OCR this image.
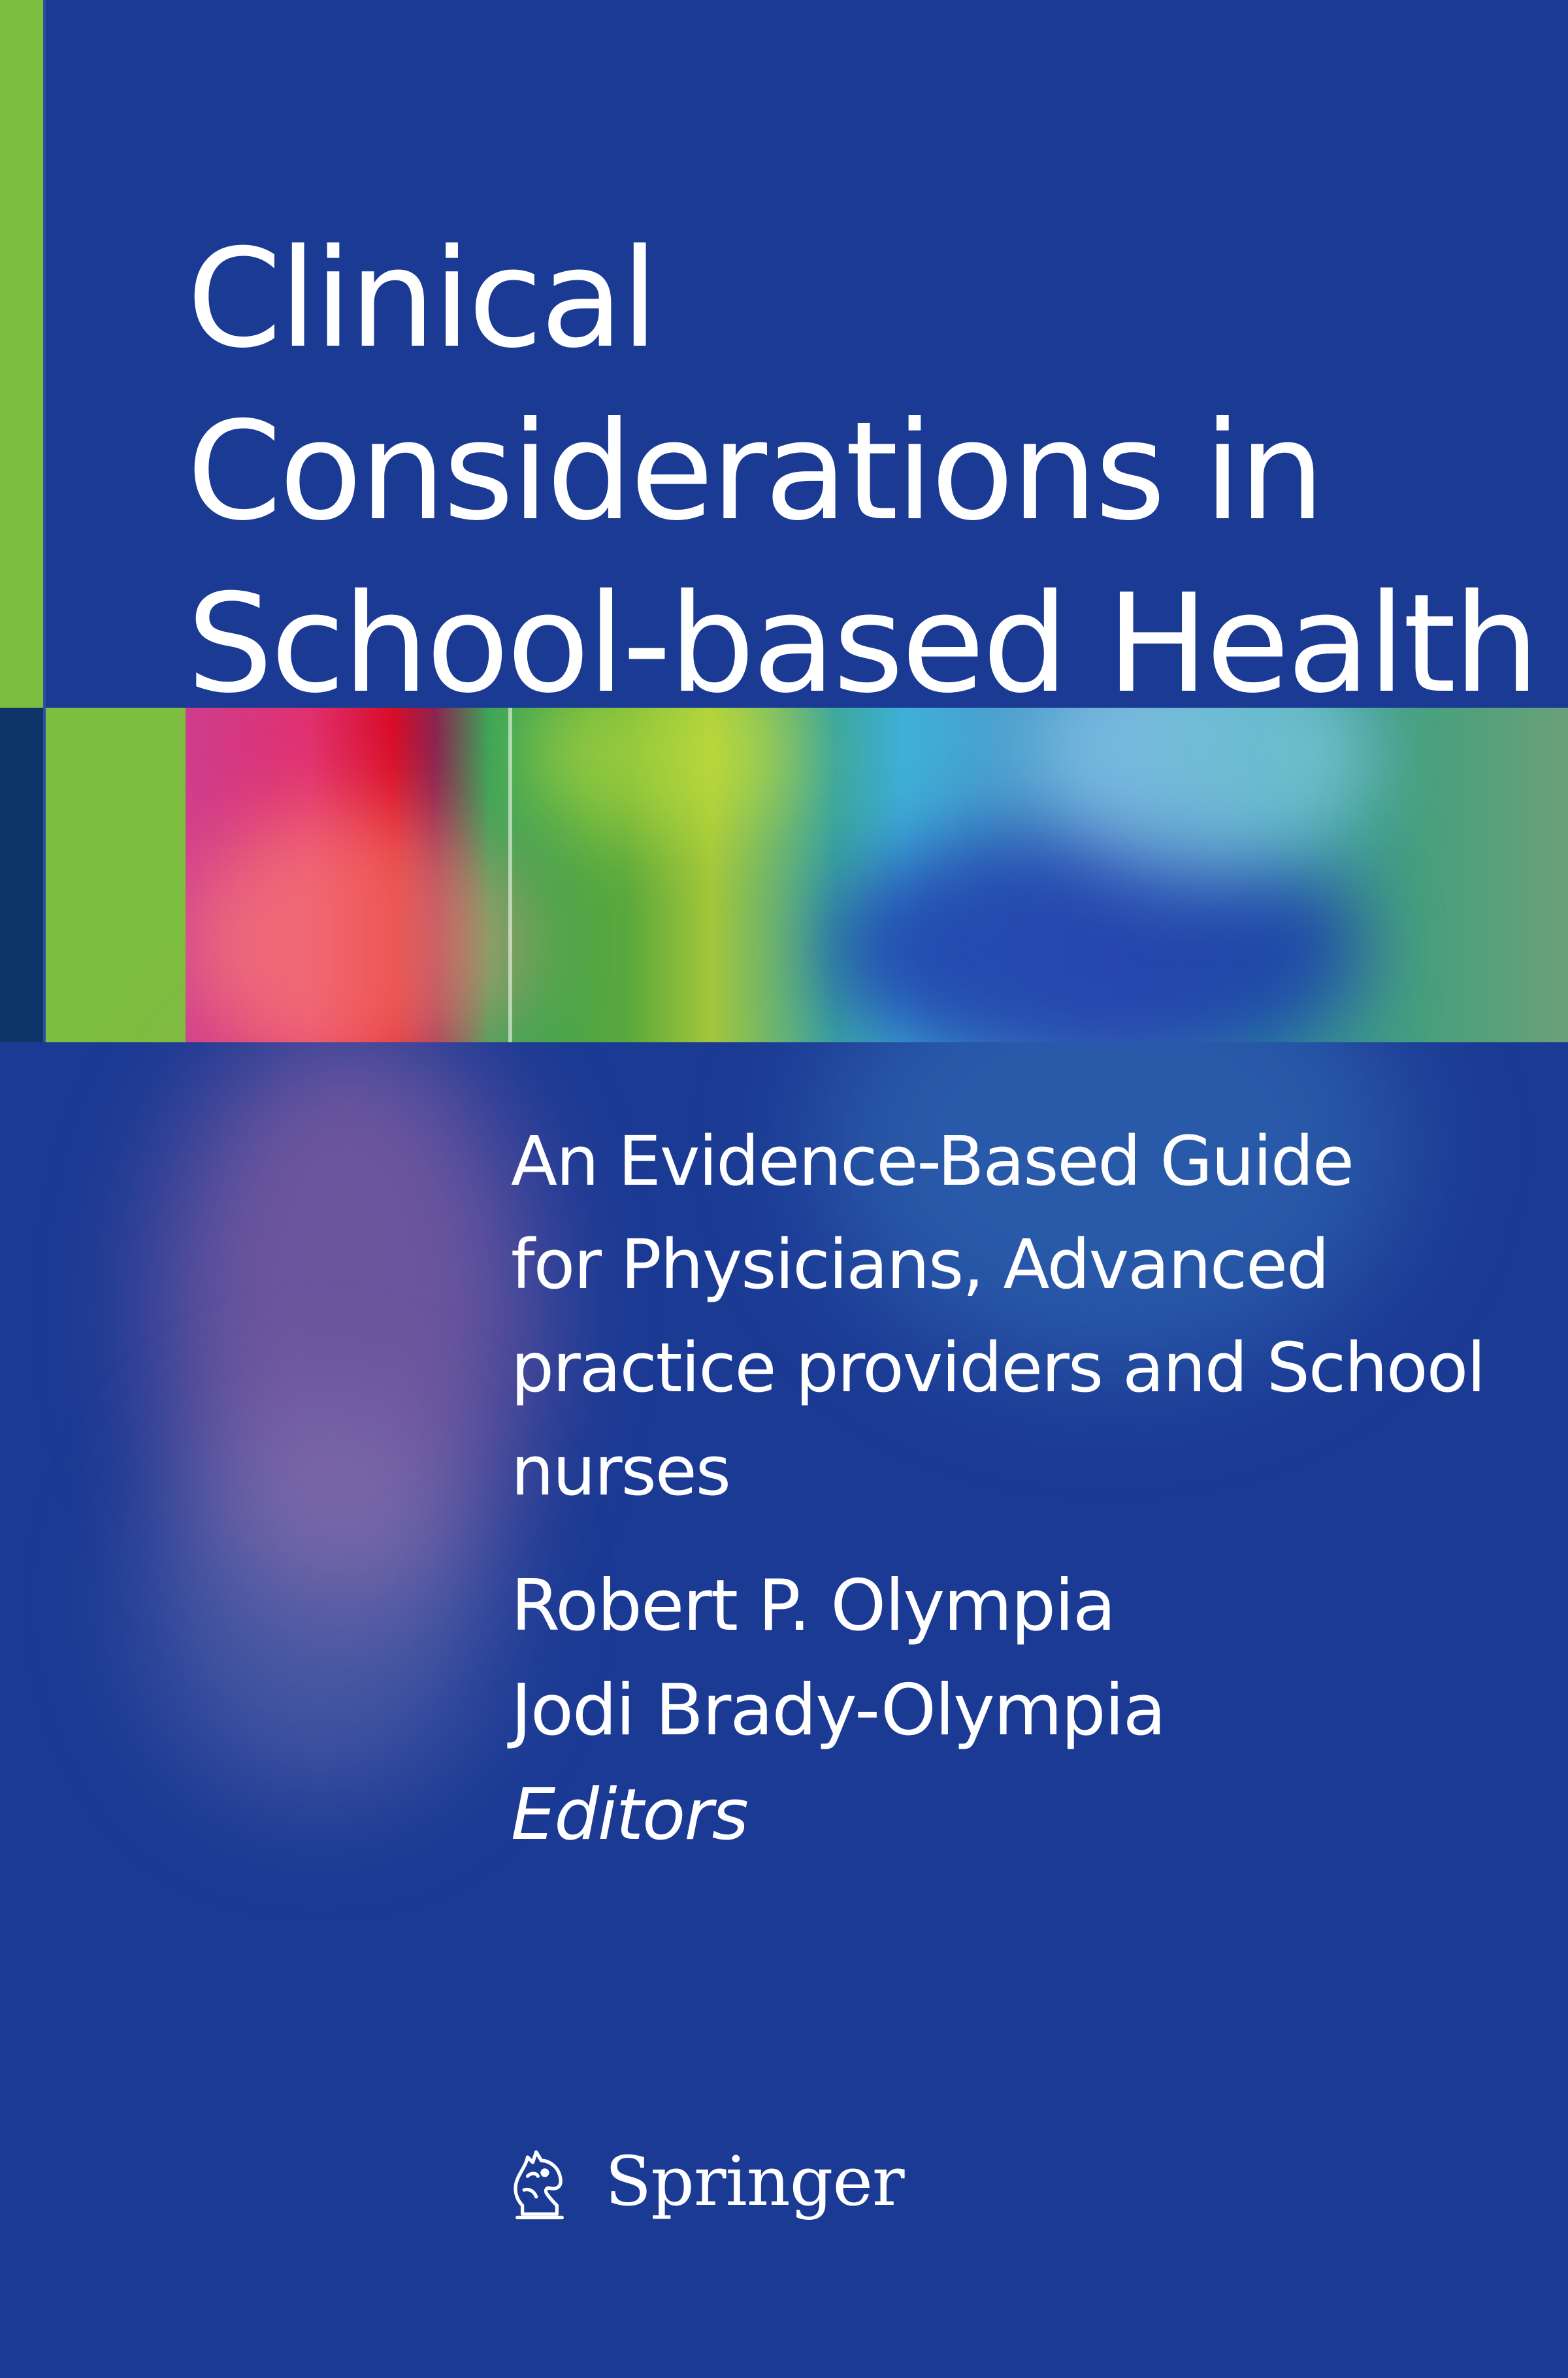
Clinical
Considerations in
School-based Health
An Evidence-Based Guide
for Physicians, Advanced
practice providers and School
nurses
Robert P. Olympia
Jodi Brady-Olympia
Editors
Springer
